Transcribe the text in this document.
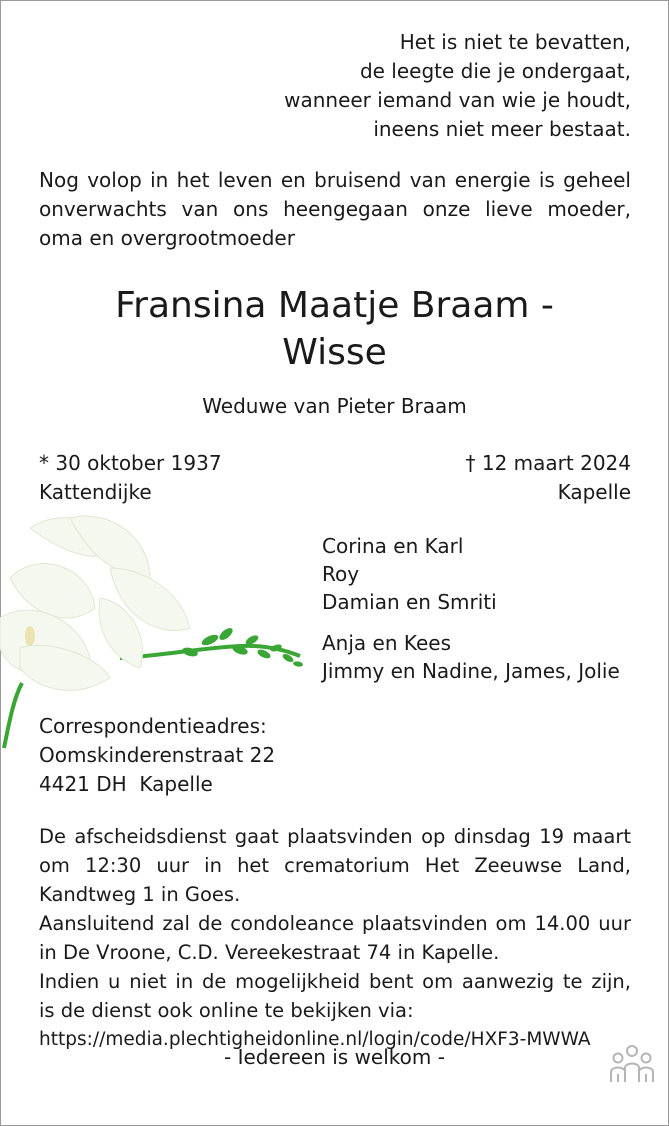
Het is niet te bevatten,
de leegte die je ondergaat,
wanneer iemand van wie je houdt,
ineens niet meer bestaat.
Nog volop in het leven en bruisend van energie is geheel
onverwachts van ons heengegaan onze lieve moeder,
oma en overgrootmoeder
Fransina Maatje Braam -
Wisse
Weduwe van Pieter Braam
* 30 oktober 1937
Kattendijke
† 12 maart 2024
Kapelle
Corina en Karl
Roy
Damian en Smriti
Anja en Kees
Jimmy en Nadine, James, Jolie
Correspondentieadres:
Oomskinderenstraat 22
4421 DH  Kapelle
De afscheidsdienst gaat plaatsvinden op dinsdag 19 maart
om 12:30 uur in het crematorium Het Zeeuwse Land,
Kandtweg 1 in Goes.
Aansluitend zal de condoleance plaatsvinden om 14.00 uur
in De Vroone, C.D. Vereekestraat 74 in Kapelle.
Indien u niet in de mogelijkheid bent om aanwezig te zijn,
is de dienst ook online te bekijken via:
https://media.plechtigheidonline.nl/login/code/HXF3-MWWA
- Iedereen is welkom -
